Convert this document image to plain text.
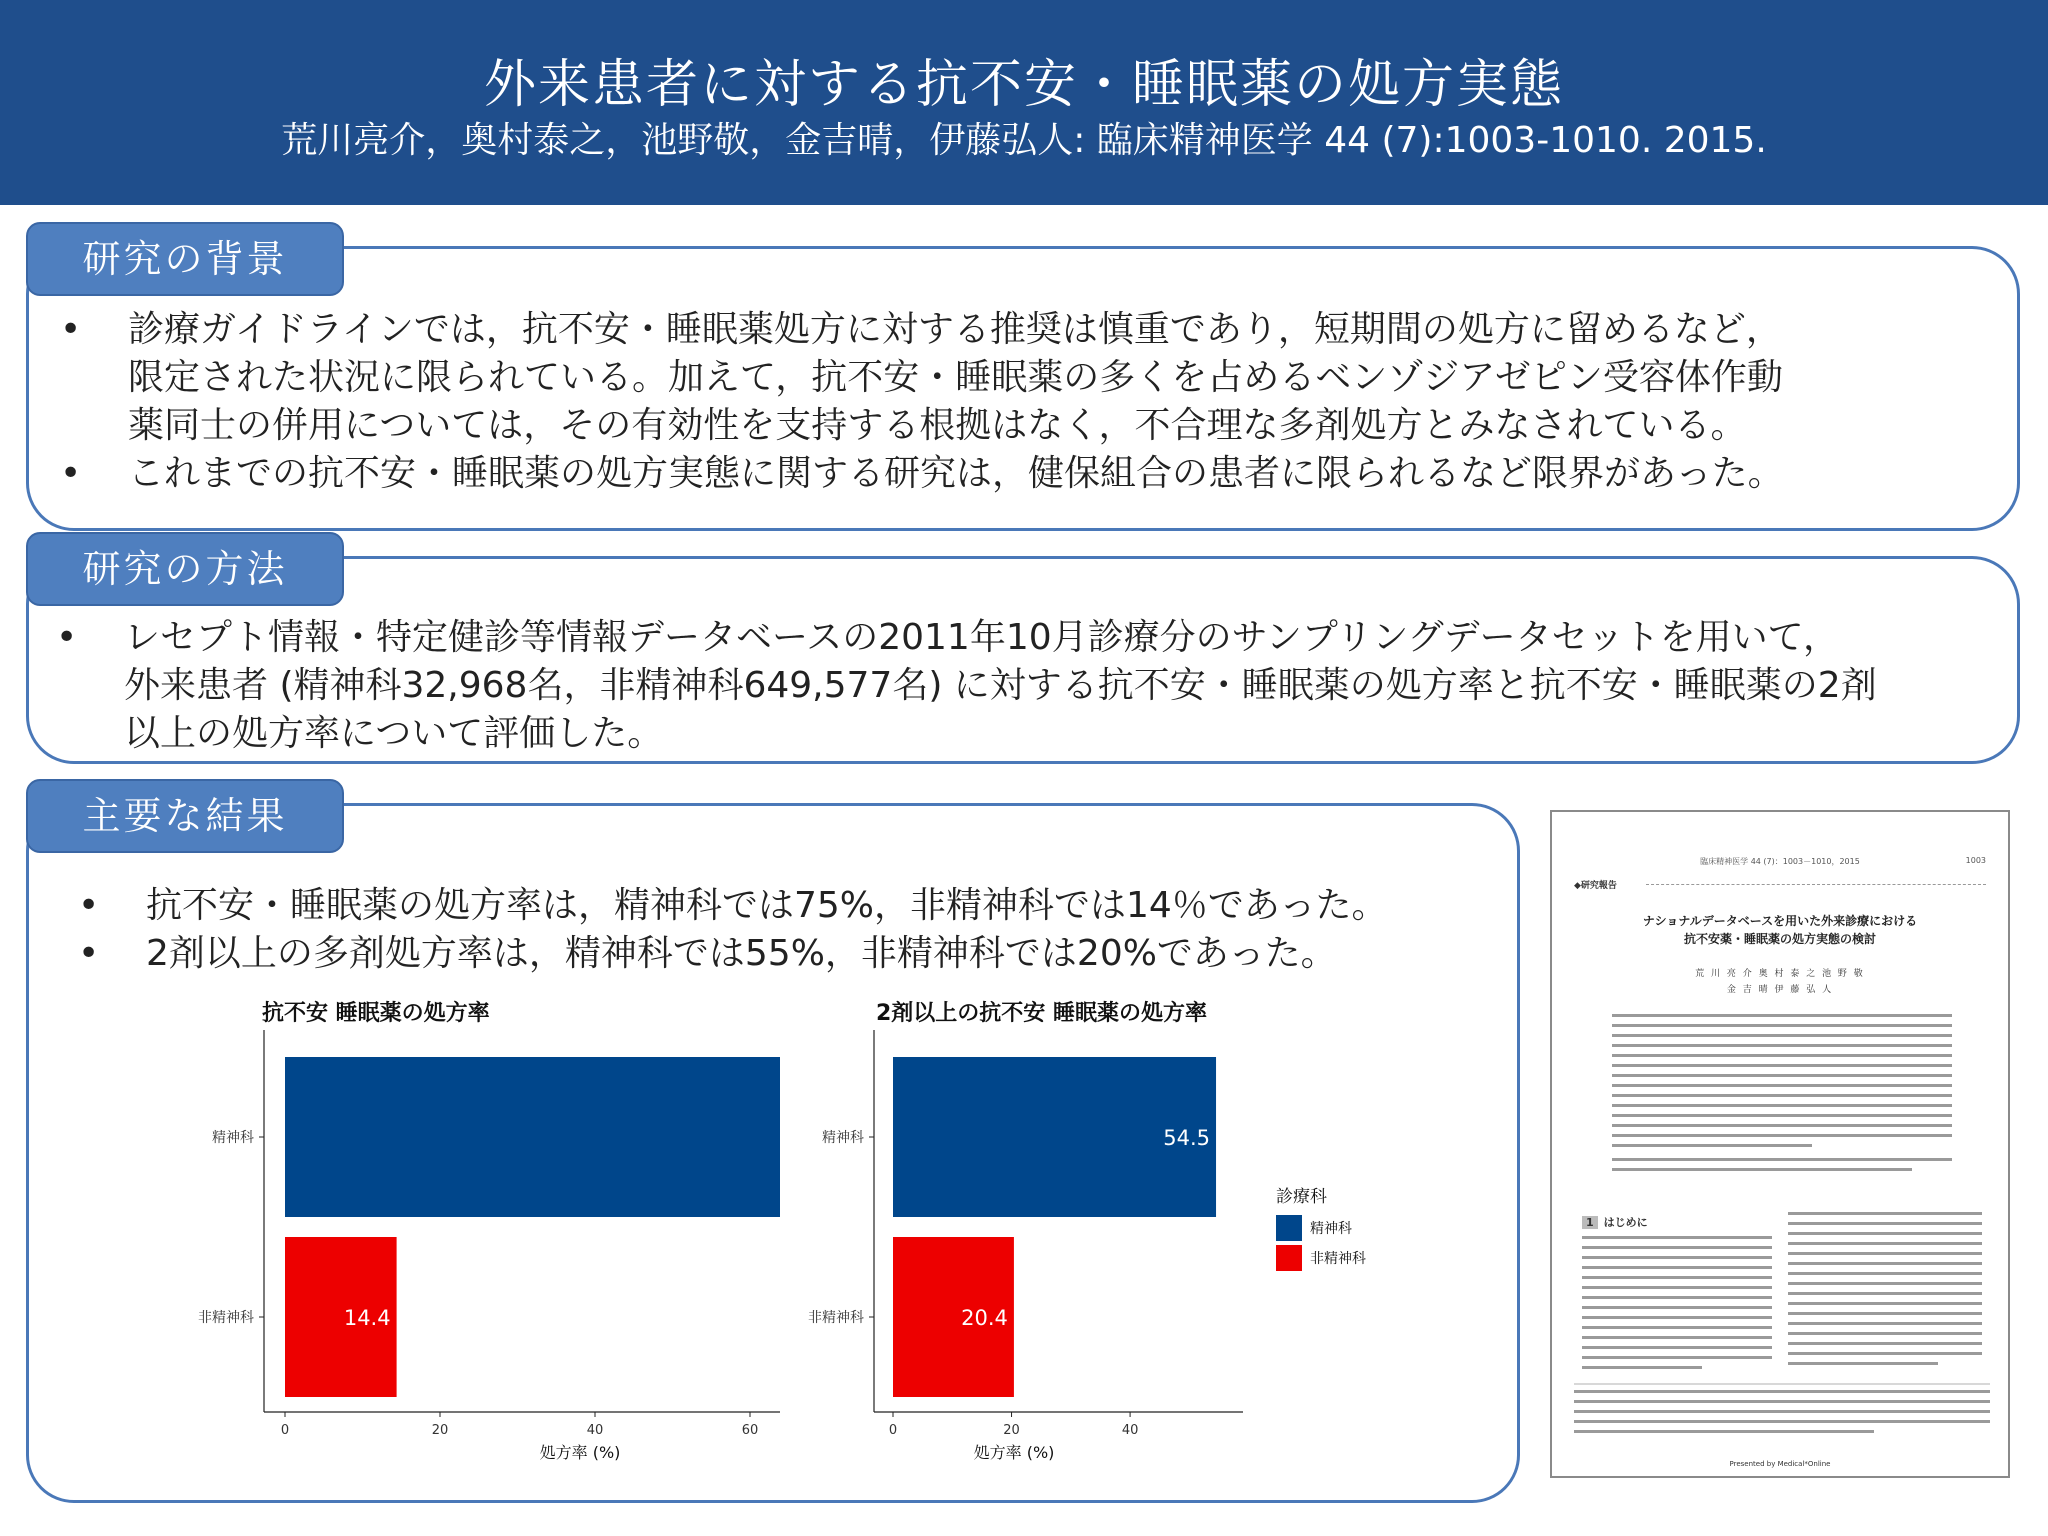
外来患者に対する抗不安・睡眠薬の処方実態
荒川亮介，奥村泰之，池野敬，金吉晴，伊藤弘人: 臨床精神医学 44 (7):1003-1010. 2015.
研究の背景
• 診療ガイドラインでは，抗不安・睡眠薬処方に対する推奨は慎重であり，短期間の処方に留めるなど，
限定された状況に限られている。加えて，抗不安・睡眠薬の多くを占めるベンゾジアゼピン受容体作動
薬同士の併用については，その有効性を支持する根拠はなく，不合理な多剤処方とみなされている。
• これまでの抗不安・睡眠薬の処方実態に関する研究は，健保組合の患者に限られるなど限界があった。
研究の方法
• レセプト情報・特定健診等情報データベースの2011年10月診療分のサンプリングデータセットを用いて，
外来患者 (精神科32,968名，非精神科649,577名) に対する抗不安・睡眠薬の処方率と抗不安・睡眠薬の2剤
以上の処方率について評価した。
主要な結果
• 抗不安・睡眠薬の処方率は，精神科では75%，非精神科では14％であった。
• 2剤以上の多剤処方率は，精神科では55%，非精神科では20%であった。
抗不安 睡眠薬の処方率
精神科
14.4
非精神科
0	20	40	60
処方率 (%)
2剤以上の抗不安 睡眠薬の処方率
54.5
精神科
20.4
非精神科
0	20	40
処方率 (%)
診療科
精神科
非精神科
臨床精神医学 44 (7)：1003－1010，2015	1003
◆研究報告
ナショナルデータベースを用いた外来診療における
抗不安薬・睡眠薬の処方実態の検討
荒 川 亮 介 奥 村 泰 之 池 野 敬
金 吉 晴 伊 藤 弘 人
1 はじめに
Presented by Medical*Online
